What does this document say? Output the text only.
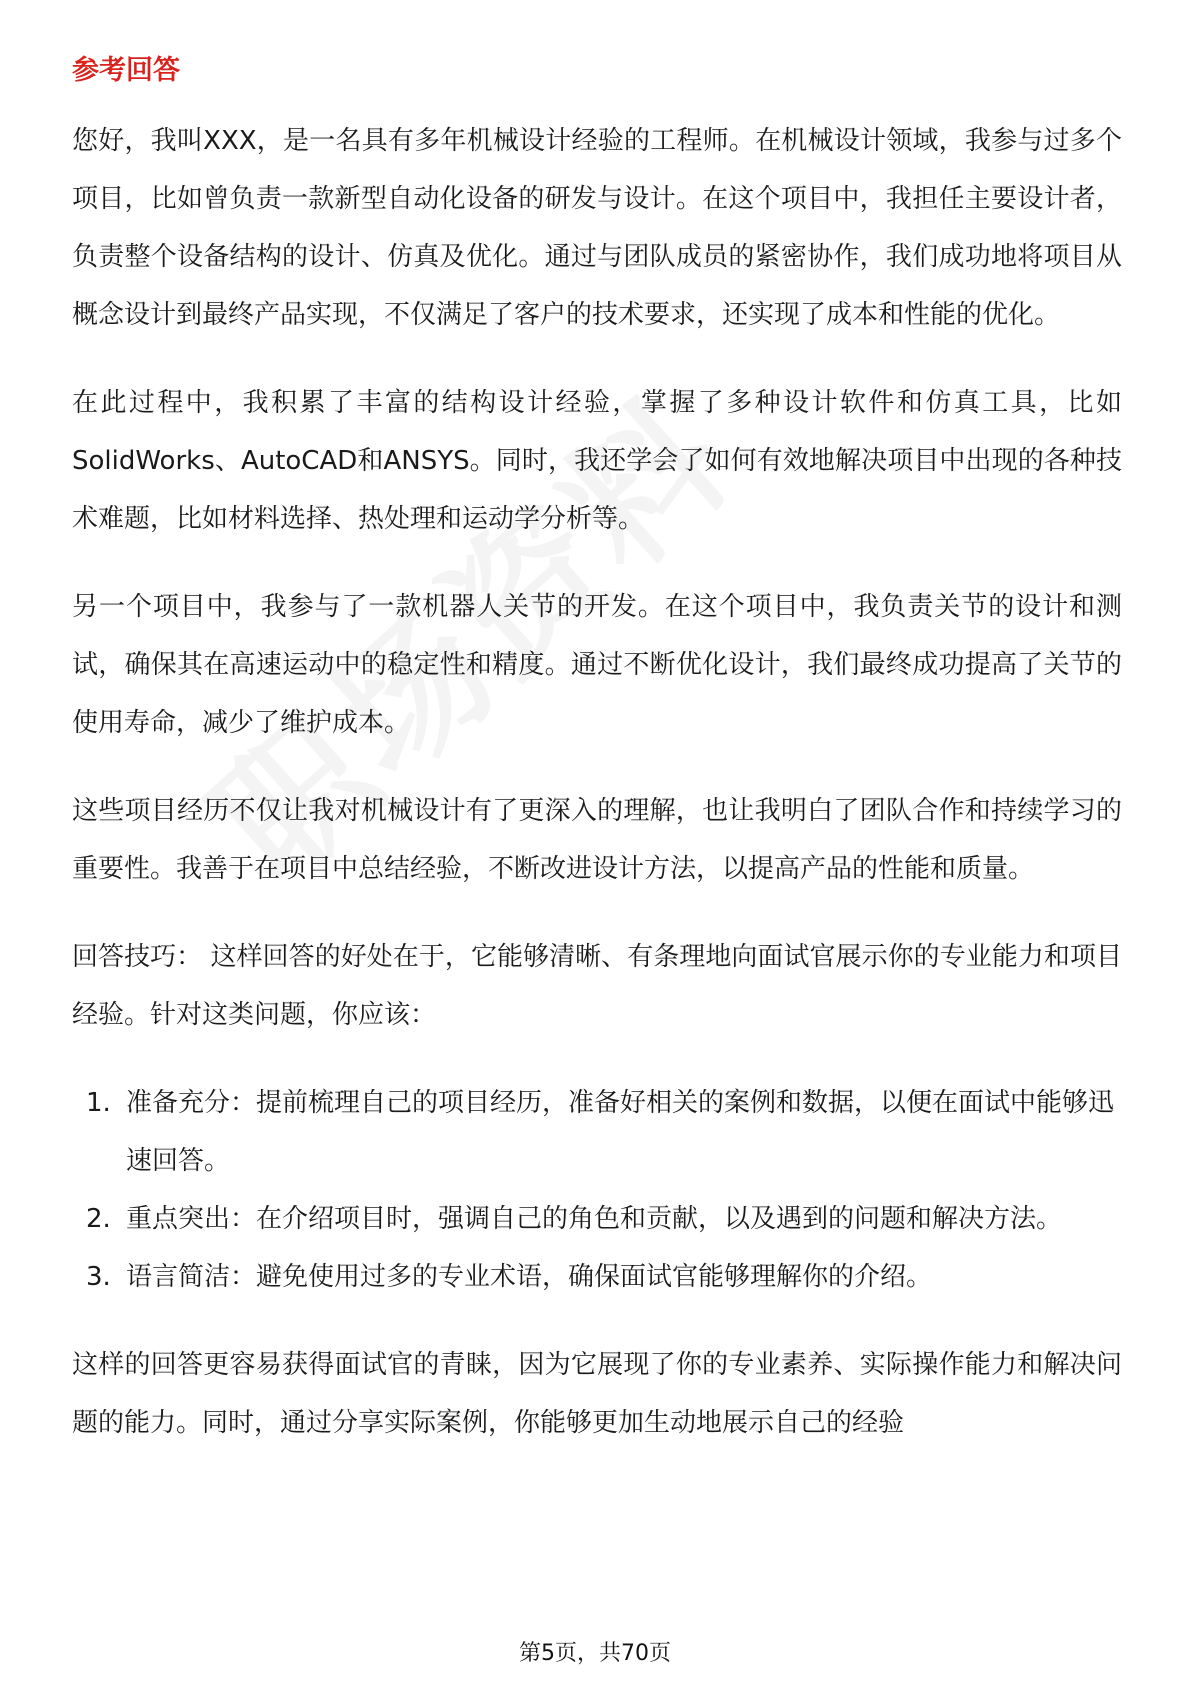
参考回答

您好，我叫XXX，是一名具有多年机械设计经验的工程师。在机械设计领域，我参与过多个项目，比如曾负责一款新型自动化设备的研发与设计。在这个项目中，我担任主要设计者，负责整个设备结构的设计、仿真及优化。通过与团队成员的紧密协作，我们成功地将项目从概念设计到最终产品实现，不仅满足了客户的技术要求，还实现了成本和性能的优化。

在此过程中，我积累了丰富的结构设计经验，掌握了多种设计软件和仿真工具，比如SolidWorks、AutoCAD和ANSYS。同时，我还学会了如何有效地解决项目中出现的各种技术难题，比如材料选择、热处理和运动学分析等。

另一个项目中，我参与了一款机器人关节的开发。在这个项目中，我负责关节的设计和测试，确保其在高速运动中的稳定性和精度。通过不断优化设计，我们最终成功提高了关节的使用寿命，减少了维护成本。

这些项目经历不仅让我对机械设计有了更深入的理解，也让我明白了团队合作和持续学习的重要性。我善于在项目中总结经验，不断改进设计方法，以提高产品的性能和质量。

回答技巧： 这样回答的好处在于，它能够清晰、有条理地向面试官展示你的专业能力和项目经验。针对这类问题，你应该：

1. 准备充分：提前梳理自己的项目经历，准备好相关的案例和数据，以便在面试中能够迅速回答。
2. 重点突出：在介绍项目时，强调自己的角色和贡献，以及遇到的问题和解决方法。
3. 语言简洁：避免使用过多的专业术语，确保面试官能够理解你的介绍。

这样的回答更容易获得面试官的青睐，因为它展现了你的专业素养、实际操作能力和解决问题的能力。同时，通过分享实际案例，你能够更加生动地展示自己的经验

第5页，共70页
